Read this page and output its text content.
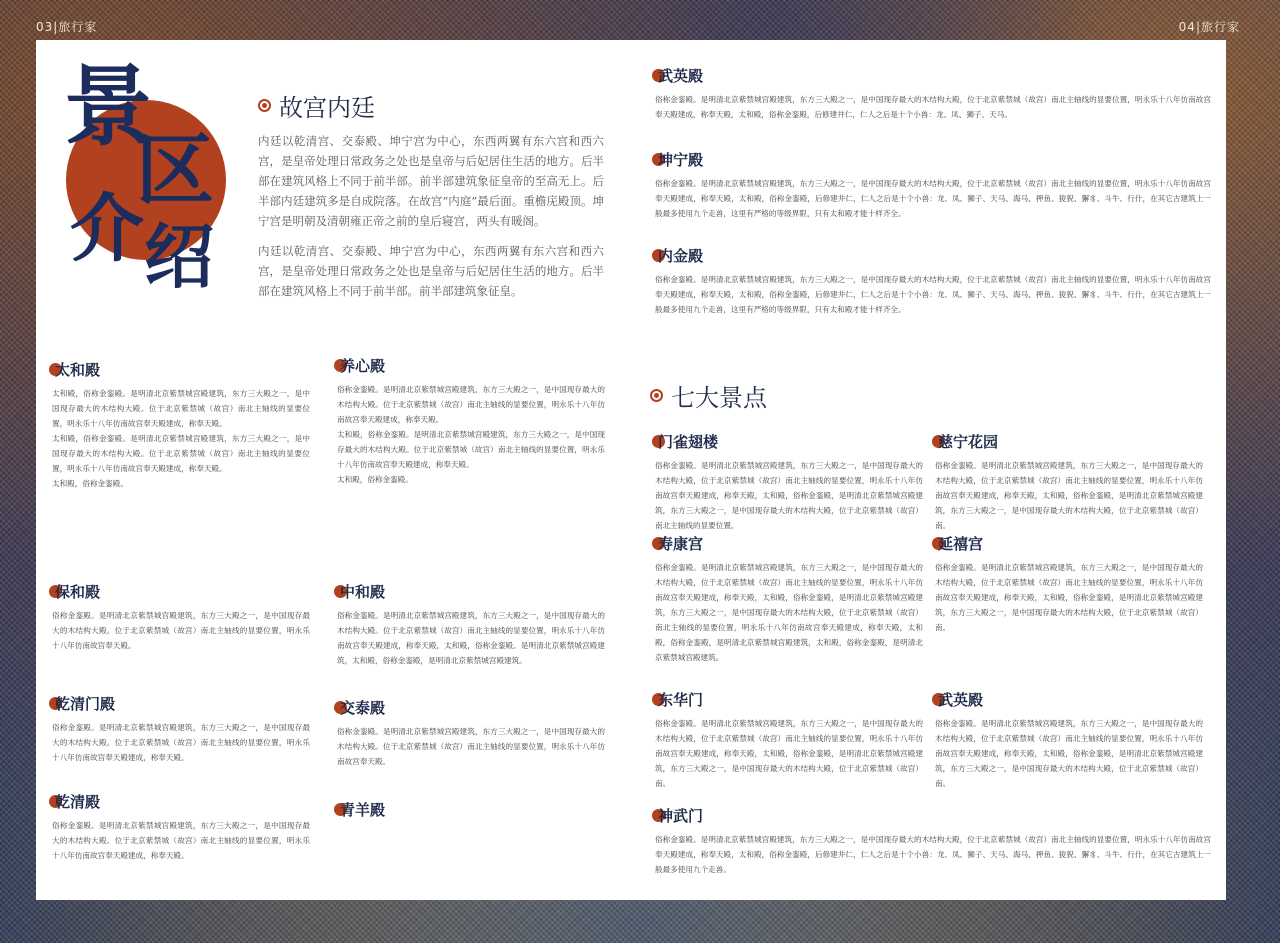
03|旅行家	04|旅行家
景
区
介 绍
故宫内廷

内廷以乾清宫、交泰殿、坤宁宫为中心，东西两翼有东六宫和西六宫，是皇帝处理日常政务之处也是皇帝与后妃居住生活的地方。后半部在建筑风格上不同于前半部。前半部建筑象征皇帝的至高无上。后半部内廷建筑多是自成院落。在故宫“内庭”最后面。重檐庑殿顶。坤宁宫是明朝及清朝雍正帝之前的皇后寝宫，两头有暖阁。

内廷以乾清宫、交泰殿、坤宁宫为中心，东西两翼有东六宫和西六宫，是皇帝处理日常政务之处也是皇帝与后妃居住生活的地方。后半部在建筑风格上不同于前半部。前半部建筑象征皇。

太和殿

太和殿，俗称金銮殿。是明清北京紫禁城宫殿建筑，东方三大殿之一，是中国现存最大的木结构大殿。位于北京紫禁城（故宫）南北主轴线的显要位置，明永乐十八年仿南故宫奉天殿建成，称奉天殿。

太和殿，俗称金銮殿。是明清北京紫禁城宫殿建筑，东方三大殿之一，是中国现存最大的木结构大殿。位于北京紫禁城（故宫）南北主轴线的显要位置，明永乐十八年仿南故宫奉天殿建成，称奉天殿。

太和殿，俗称金銮殿。

养心殿

俗称金銮殿。是明清北京紫禁城宫殿建筑，东方三大殿之一，是中国现存最大的木结构大殿。位于北京紫禁城（故宫）南北主轴线的显要位置，明永乐十八年仿南故宫奉天殿建成，称奉天殿。

太和殿，俗称金銮殿。是明清北京紫禁城宫殿建筑，东方三大殿之一，是中国现存最大的木结构大殿。位于北京紫禁城（故宫）南北主轴线的显要位置，明永乐十八年仿南故宫奉天殿建成，称奉天殿。

太和殿，俗称金銮殿。

保和殿

俗称金銮殿。是明清北京紫禁城宫殿建筑，东方三大殿之一，是中国现存最大的木结构大殿。位于北京紫禁城（故宫）南北主轴线的显要位置，明永乐十八年仿南故宫奉天殿。

中和殿

俗称金銮殿。是明清北京紫禁城宫殿建筑，东方三大殿之一，是中国现存最大的木结构大殿。位于北京紫禁城（故宫）南北主轴线的显要位置，明永乐十八年仿南故宫奉天殿建成，称奉天殿，太和殿，俗称金銮殿。是明清北京紫禁城宫殿建筑，太和殿，俗称金銮殿，是明清北京紫禁城宫殿建筑。

乾清门殿

俗称金銮殿。是明清北京紫禁城宫殿建筑，东方三大殿之一，是中国现存最大的木结构大殿。位于北京紫禁城（故宫）南北主轴线的显要位置，明永乐十八年仿南故宫奉天殿建成，称奉天殿。

交泰殿

俗称金銮殿。是明清北京紫禁城宫殿建筑，东方三大殿之一，是中国现存最大的木结构大殿。位于北京紫禁城（故宫）南北主轴线的显要位置，明永乐十八年仿南故宫奉天殿。

乾清殿

俗称金銮殿。是明清北京紫禁城宫殿建筑，东方三大殿之一，是中国现存最大的木结构大殿。位于北京紫禁城（故宫）南北主轴线的显要位置，明永乐十八年仿南故宫奉天殿建成，称奉天殿。

青羊殿
武英殿

俗称金銮殿。是明清北京紫禁城宫殿建筑，东方三大殿之一，是中国现存最大的木结构大殿，位于北京紫禁城（故宫）南北主轴线的显要位置，明永乐十八年仿南故宫奉天殿建成，称奉天殿，太和殿，俗称金銮殿，后修建井仁，仁人之后是十个小兽：龙、凤、狮子、天马。

坤宁殿

俗称金銮殿。是明清北京紫禁城宫殿建筑，东方三大殿之一，是中国现存最大的木结构大殿，位于北京紫禁城（故宫）南北主轴线的显要位置，明永乐十八年仿南故宫奉天殿建成，称奉天殿，太和殿，俗称金銮殿，后修建井仁，仁人之后是十个小兽：龙、凤、狮子、天马、海马、押鱼、狻猊、獬豸、斗牛、行什，在其它古建筑上一般最多使用九个走兽，这里有严格的等级界限，只有太和殿才能十样齐全。

内金殿

俗称金銮殿。是明清北京紫禁城宫殿建筑，东方三大殿之一，是中国现存最大的木结构大殿，位于北京紫禁城（故宫）南北主轴线的显要位置，明永乐十八年仿南故宫奉天殿建成，称奉天殿，太和殿，俗称金銮殿，后修建井仁，仁人之后是十个小兽：龙、凤、狮子、天马、海马、押鱼、狻猊、獬豸、斗牛、行什，在其它古建筑上一般最多使用九个走兽，这里有严格的等级界限，只有太和殿才能十样齐全。

七大景点
门雀翅楼

俗称金銮殿。是明清北京紫禁城宫殿建筑，东方三大殿之一，是中国现存最大的木结构大殿，位于北京紫禁城（故宫）南北主轴线的显要位置，明永乐十八年仿南故宫奉天殿建成，称奉天殿，太和殿，俗称金銮殿，是明清北京紫禁城宫殿建筑，东方三大殿之一，是中国现存最大的木结构大殿，位于北京紫禁城（故宫）南北主轴线的显要位置。

慈宁花园

俗称金銮殿。是明清北京紫禁城宫殿建筑，东方三大殿之一，是中国现存最大的木结构大殿，位于北京紫禁城（故宫）南北主轴线的显要位置，明永乐十八年仿南故宫奉天殿建成，称奉天殿，太和殿，俗称金銮殿，是明清北京紫禁城宫殿建筑，东方三大殿之一，是中国现存最大的木结构大殿，位于北京紫禁城（故宫）南。

寿康宫

俗称金銮殿。是明清北京紫禁城宫殿建筑，东方三大殿之一，是中国现存最大的木结构大殿，位于北京紫禁城（故宫）南北主轴线的显要位置，明永乐十八年仿南故宫奉天殿建成，称奉天殿，太和殿，俗称金銮殿，是明清北京紫禁城宫殿建筑，东方三大殿之一，是中国现存最大的木结构大殿，位于北京紫禁城（故宫）南北主轴线的显要位置，明永乐十八年仿南故宫奉天殿建成，称奉天殿，太和殿，俗称金銮殿，是明清北京紫禁城宫殿建筑，太和殿，俗称金銮殿，是明清北京紫禁城宫殿建筑。

延禧宫

俗称金銮殿。是明清北京紫禁城宫殿建筑，东方三大殿之一，是中国现存最大的木结构大殿，位于北京紫禁城（故宫）南北主轴线的显要位置，明永乐十八年仿南故宫奉天殿建成，称奉天殿，太和殿，俗称金銮殿，是明清北京紫禁城宫殿建筑，东方三大殿之一，是中国现存最大的木结构大殿，位于北京紫禁城（故宫）南。

东华门

俗称金銮殿。是明清北京紫禁城宫殿建筑，东方三大殿之一，是中国现存最大的木结构大殿，位于北京紫禁城（故宫）南北主轴线的显要位置，明永乐十八年仿南故宫奉天殿建成，称奉天殿，太和殿，俗称金銮殿，是明清北京紫禁城宫殿建筑，东方三大殿之一，是中国现存最大的木结构大殿，位于北京紫禁城（故宫）南。

武英殿

俗称金銮殿。是明清北京紫禁城宫殿建筑，东方三大殿之一，是中国现存最大的木结构大殿，位于北京紫禁城（故宫）南北主轴线的显要位置，明永乐十八年仿南故宫奉天殿建成，称奉天殿，太和殿，俗称金銮殿，是明清北京紫禁城宫殿建筑，东方三大殿之一，是中国现存最大的木结构大殿，位于北京紫禁城（故宫）南。

神武门

俗称金銮殿。是明清北京紫禁城宫殿建筑，东方三大殿之一，是中国现存最大的木结构大殿，位于北京紫禁城（故宫）南北主轴线的显要位置，明永乐十八年仿南故宫奉天殿建成，称奉天殿，太和殿，俗称金銮殿，后修建井仁，仁人之后是十个小兽：龙、凤、狮子、天马、海马、押鱼、狻猊、獬豸、斗牛、行什，在其它古建筑上一般最多使用九个走兽。
